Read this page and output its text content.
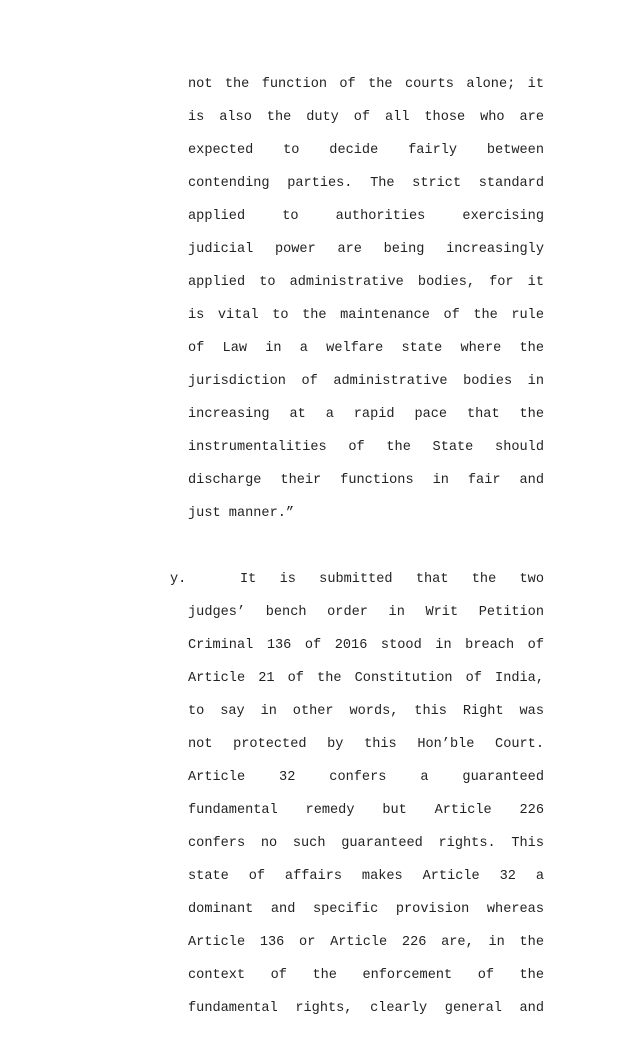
not the function of the courts alone; it
is also the duty of all those who are
expected to decide fairly between
contending parties. The strict standard
applied to authorities exercising
judicial power are being increasingly
applied to administrative bodies, for it
is vital to the maintenance of the rule
of Law in a welfare state where the
jurisdiction of administrative bodies in
increasing at a rapid pace that the
instrumentalities of the State should
discharge their functions in fair and
just manner.”
y.	It is submitted that the two
judges’ bench order in Writ Petition
Criminal 136 of 2016 stood in breach of
Article 21 of the Constitution of India,
to say in other words, this Right was
not protected by this Hon’ble Court.
Article 32 confers a guaranteed
fundamental remedy but Article 226
confers no such guaranteed rights. This
state of affairs makes Article 32 a
dominant and specific provision whereas
Article 136 or Article 226 are, in the
context of the enforcement of the
fundamental rights, clearly general and
